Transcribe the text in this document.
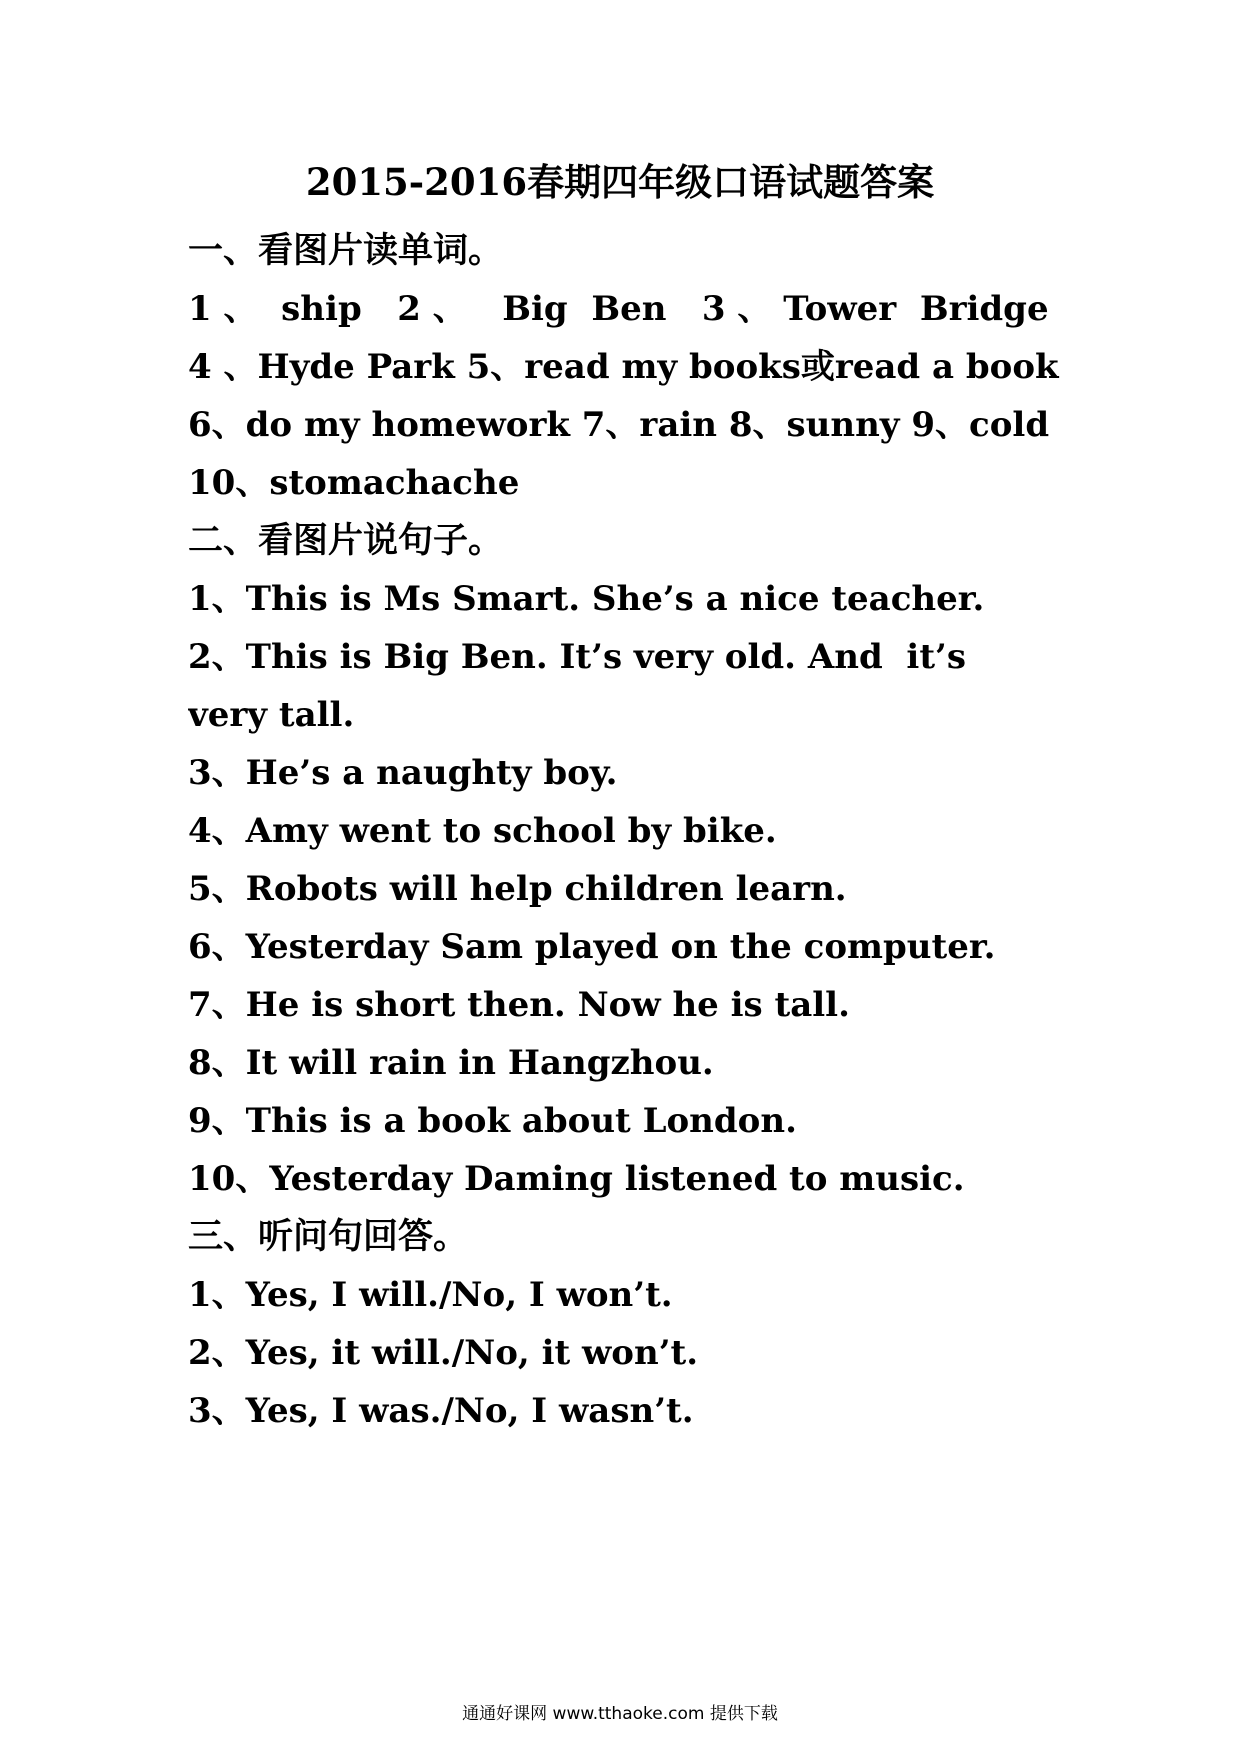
2015-2016春期四年级口语试题答案
一、看图片读单词。
1 、  ship   2 、   Big  Ben   3 、 Tower  Bridge
4 、Hyde Park 5、read my books或read a book
6、do my homework 7、rain 8、sunny 9、cold
10、stomachache
二、看图片说句子。
1、This is Ms Smart. She’s a nice teacher.
2、This is Big Ben. It’s very old. And  it’s
very tall.
3、He’s a naughty boy.
4、Amy went to school by bike.
5、Robots will help children learn.
6、Yesterday Sam played on the computer.
7、He is short then. Now he is tall.
8、It will rain in Hangzhou.
9、This is a book about London.
10、Yesterday Daming listened to music.
三、听问句回答。
1、Yes, I will./No, I won’t.
2、Yes, it will./No, it won’t.
3、Yes, I was./No, I wasn’t.
通通好课网 www.tthaoke.com 提供下载
